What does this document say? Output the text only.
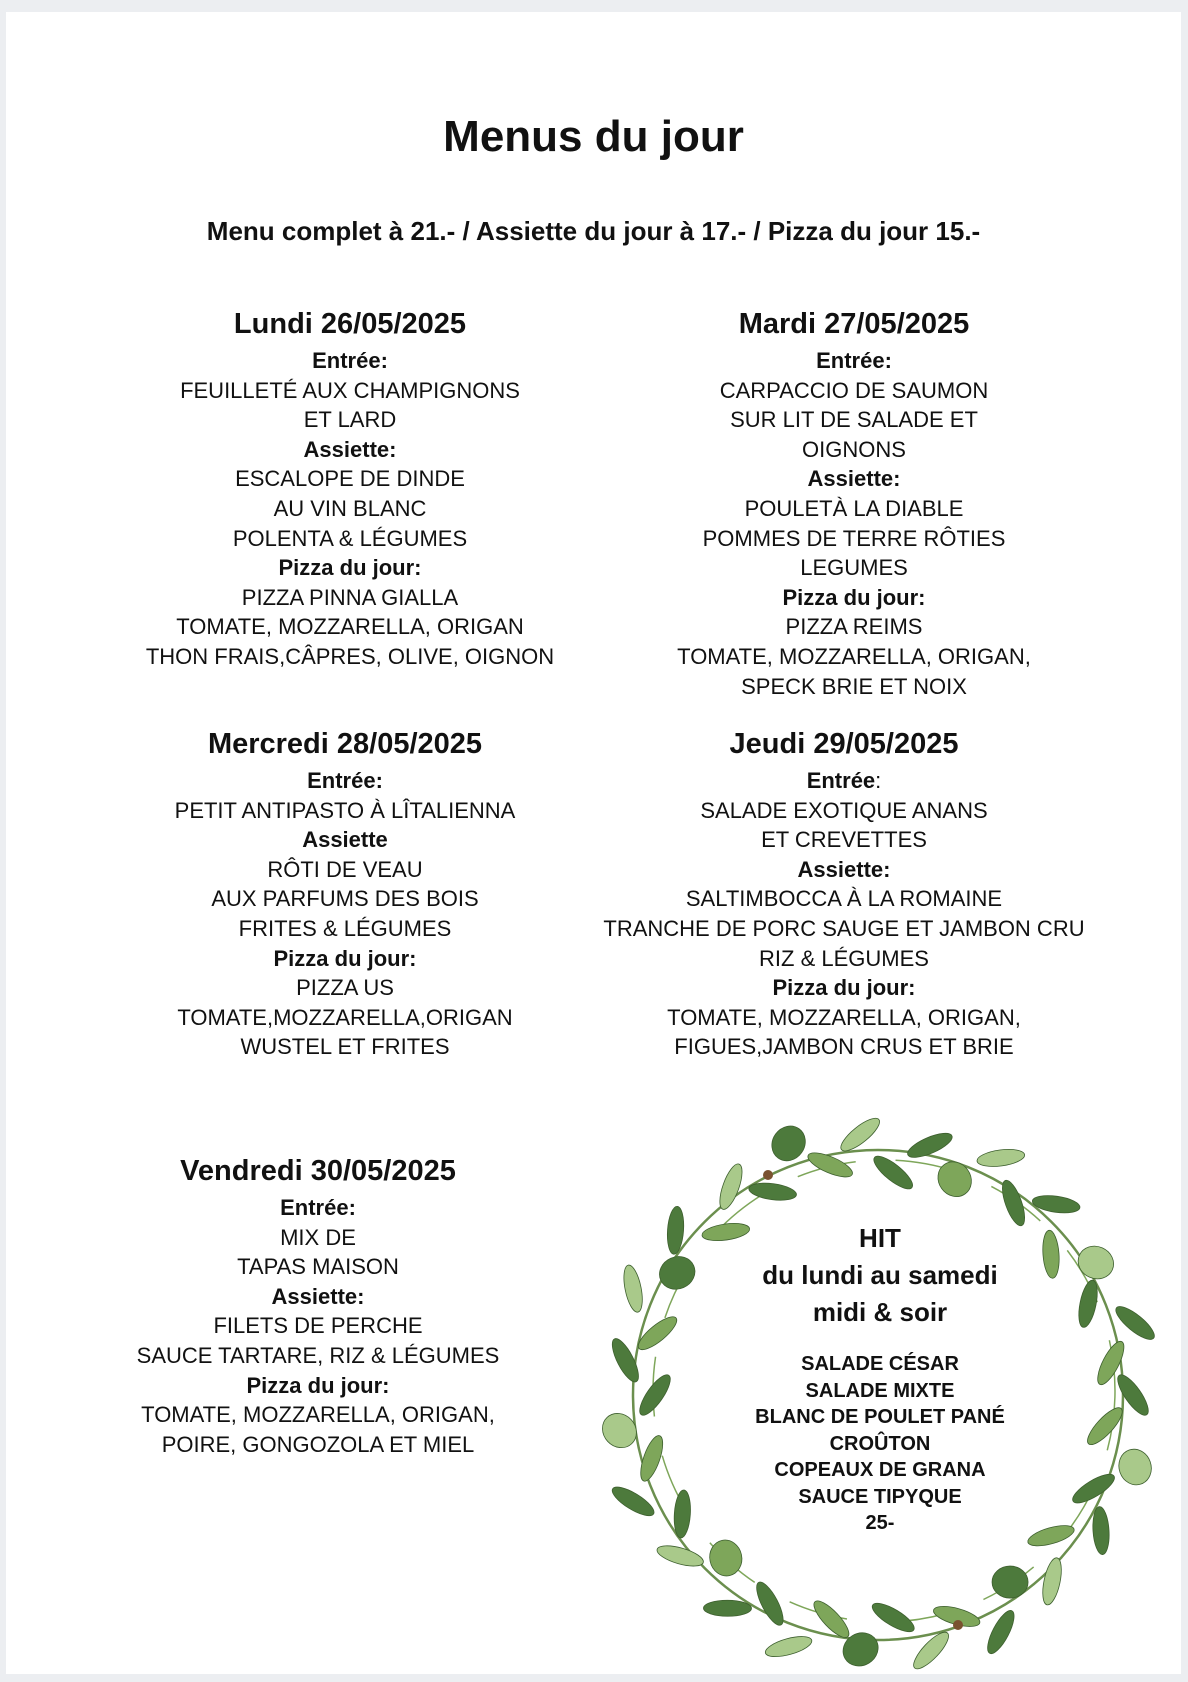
Menus du jour
Menu complet à 21.- / Assiette du jour à 17.- / Pizza du jour 15.-
Lundi 26/05/2025
Entrée:
FEUILLETÉ AUX CHAMPIGNONS
ET LARD
Assiette:
ESCALOPE DE DINDE
AU VIN BLANC
POLENTA & LÉGUMES
Pizza du jour:
PIZZA PINNA GIALLA
TOMATE, MOZZARELLA, ORIGAN
THON FRAIS,CÂPRES, OLIVE, OIGNON
Mardi 27/05/2025
Entrée:
CARPACCIO DE SAUMON
SUR LIT DE SALADE ET
OIGNONS
Assiette:
POULETÀ LA DIABLE
POMMES DE TERRE RÔTIES
LEGUMES
Pizza du jour:
PIZZA REIMS
TOMATE, MOZZARELLA, ORIGAN,
SPECK BRIE ET NOIX
Mercredi 28/05/2025
Entrée:
PETIT ANTIPASTO À LÎTALIENNA
Assiette
RÔTI DE VEAU
AUX PARFUMS DES BOIS
FRITES & LÉGUMES
Pizza du jour:
PIZZA US
TOMATE,MOZZARELLA,ORIGAN
WUSTEL ET FRITES
Jeudi 29/05/2025
Entrée:
SALADE EXOTIQUE ANANS
ET CREVETTES
Assiette:
SALTIMBOCCA À LA ROMAINE
TRANCHE DE PORC SAUGE ET JAMBON CRU
RIZ & LÉGUMES
Pizza du jour:
TOMATE, MOZZARELLA, ORIGAN,
FIGUES,JAMBON CRUS ET BRIE
Vendredi 30/05/2025
Entrée:
MIX DE
TAPAS MAISON
Assiette:
FILETS DE PERCHE
SAUCE TARTARE, RIZ & LÉGUMES
Pizza du jour:
TOMATE, MOZZARELLA, ORIGAN,
POIRE, GONGOZOLA ET MIEL
HIT
du lundi au samedi
midi & soir
SALADE CÉSAR
SALADE MIXTE
BLANC DE POULET PANÉ
CROÛTON
COPEAUX DE GRANA
SAUCE TIPYQUE
25-
